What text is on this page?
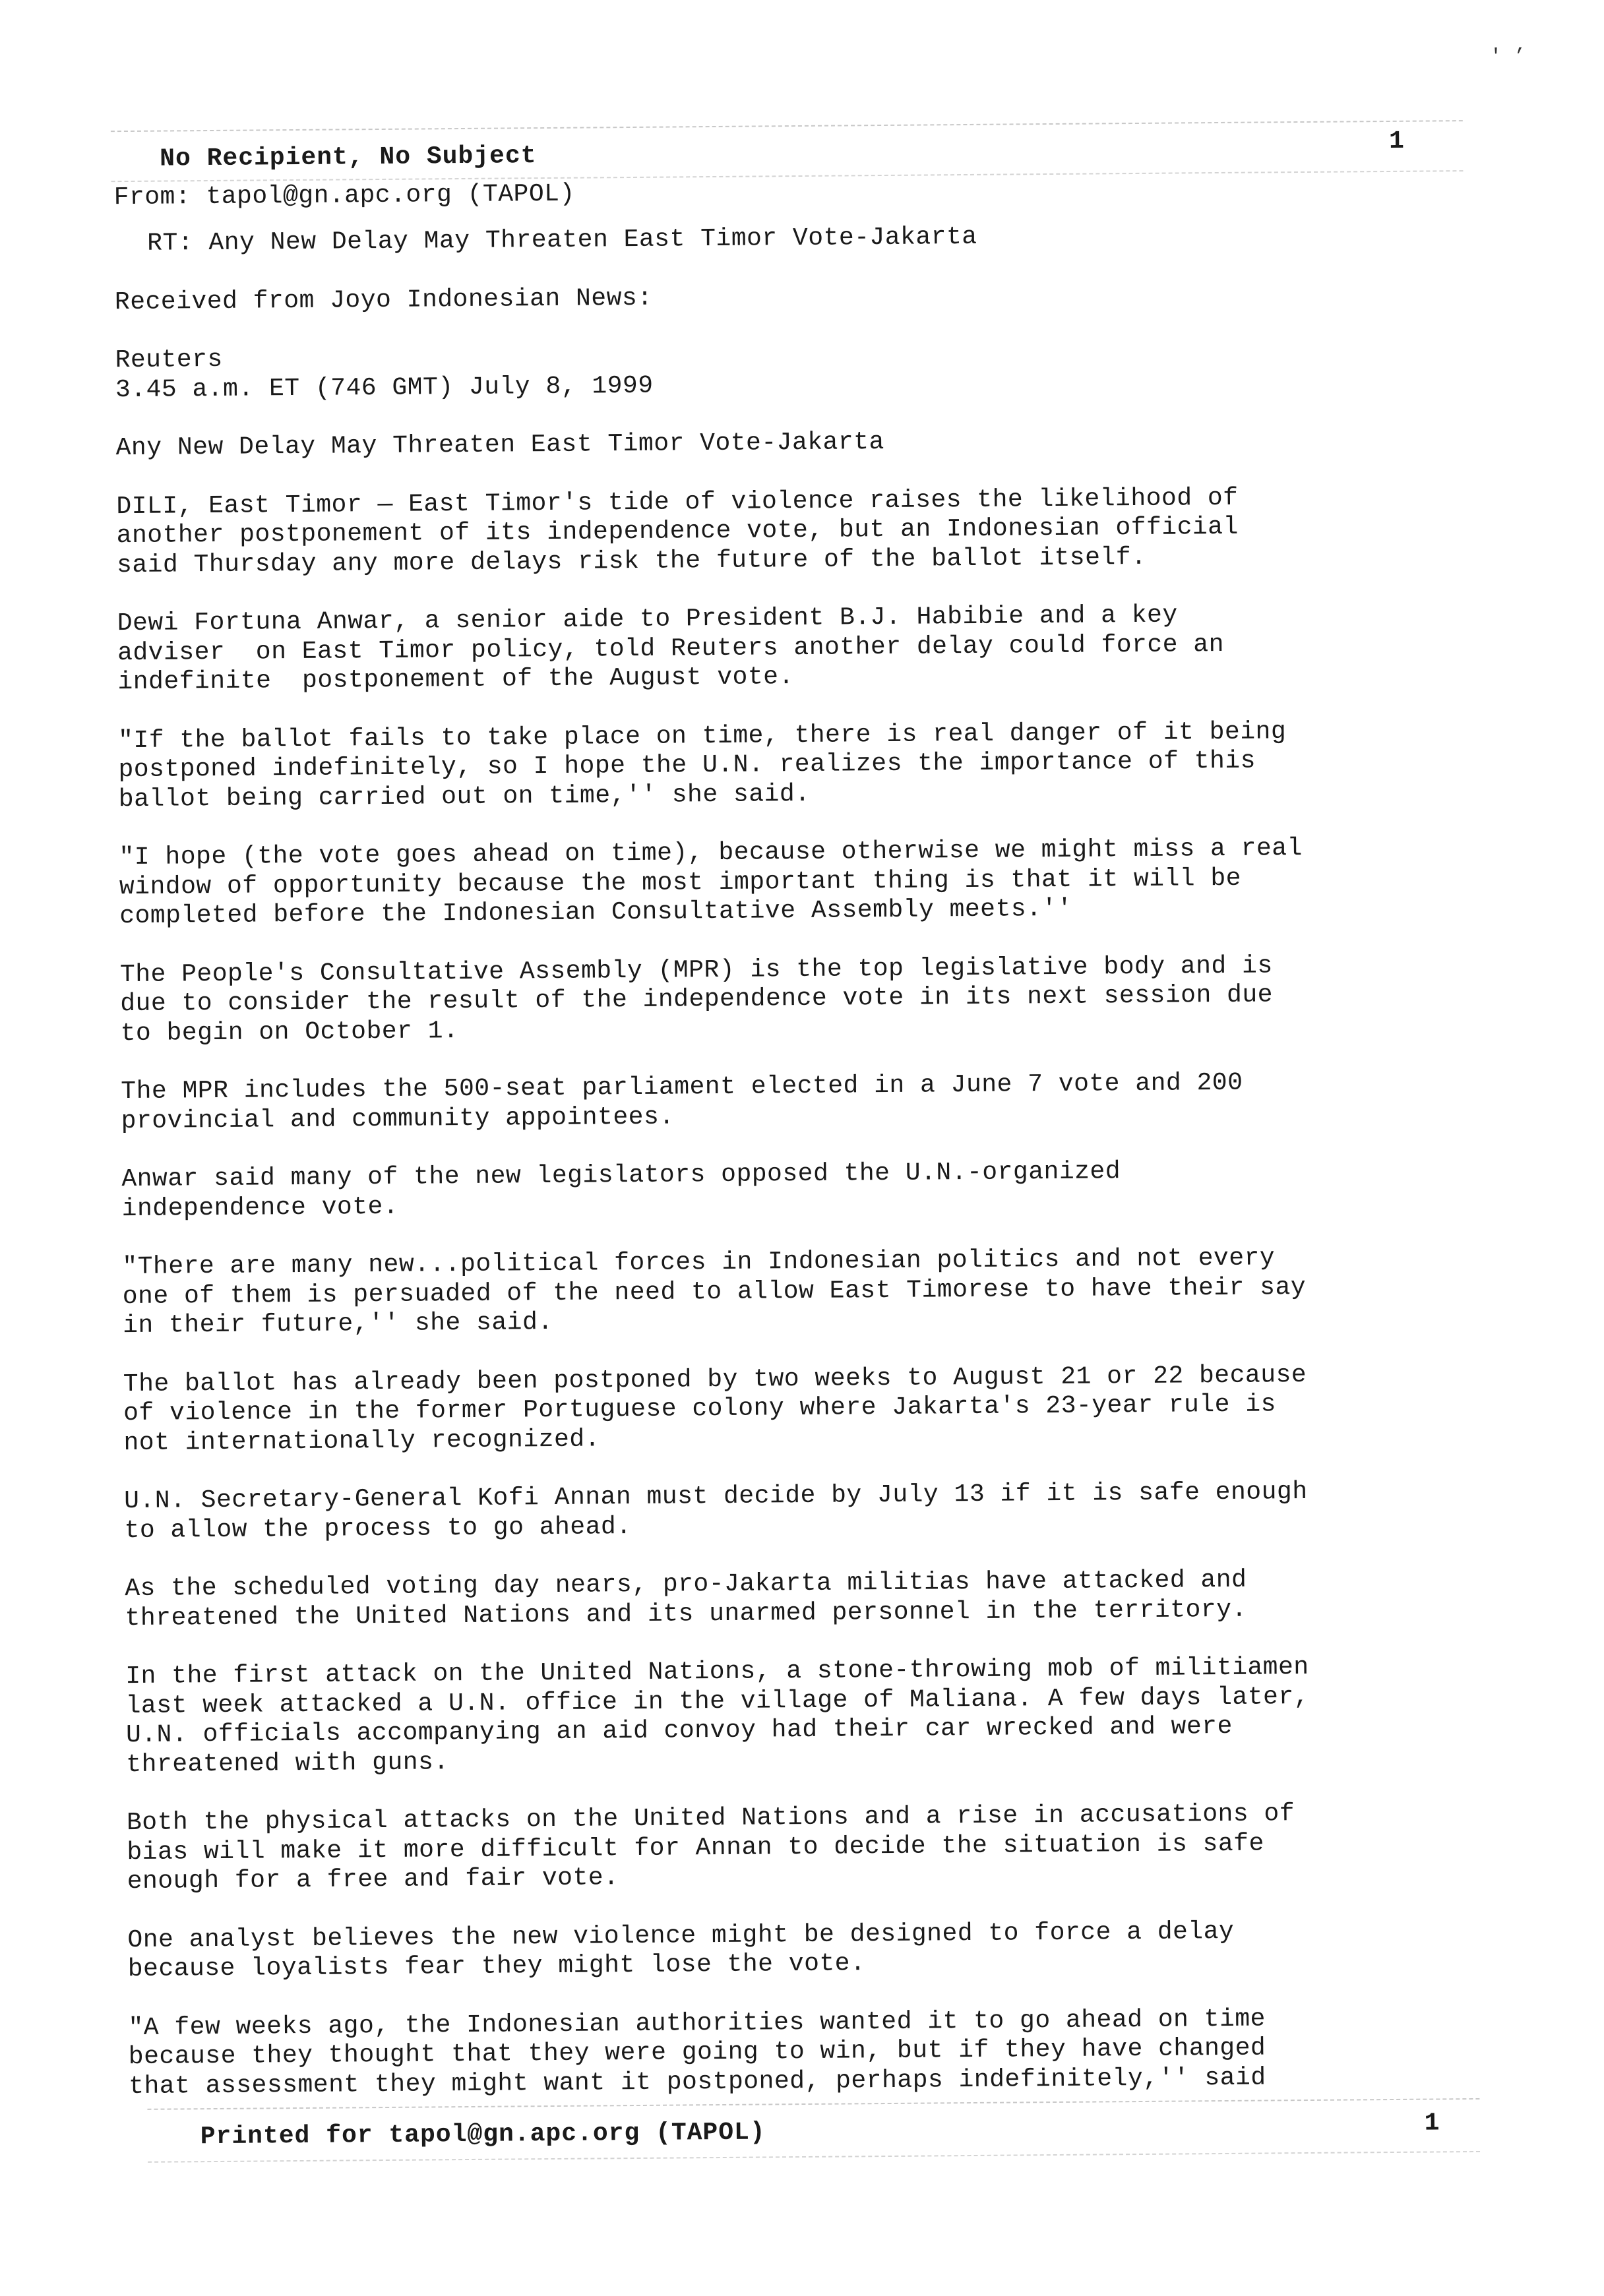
' ’
No Recipient, No Subject
1
From: tapol@gn.apc.org (TAPOL)

RT: Any New Delay May Threaten East Timor Vote-Jakarta

Received from Joyo Indonesian News:

Reuters

3.45 a.m. ET (746 GMT) July 8, 1999

Any New Delay May Threaten East Timor Vote-Jakarta

DILI, East Timor — East Timor's tide of violence raises the likelihood of
another postponement of its independence vote, but an Indonesian official
said Thursday any more delays risk the future of the ballot itself.

Dewi Fortuna Anwar, a senior aide to President B.J. Habibie and a key
adviser  on East Timor policy, told Reuters another delay could force an
indefinite  postponement of the August vote.

"If the ballot fails to take place on time, there is real danger of it being
postponed indefinitely, so I hope the U.N. realizes the importance of this
ballot being carried out on time,'' she said.

"I hope (the vote goes ahead on time), because otherwise we might miss a real
window of opportunity because the most important thing is that it will be
completed before the Indonesian Consultative Assembly meets.''

The People's Consultative Assembly (MPR) is the top legislative body and is
due to consider the result of the independence vote in its next session due
to begin on October 1.

The MPR includes the 500-seat parliament elected in a June 7 vote and 200
provincial and community appointees.

Anwar said many of the new legislators opposed the U.N.-organized
independence vote.

"There are many new...political forces in Indonesian politics and not every
one of them is persuaded of the need to allow East Timorese to have their say
in their future,'' she said.

The ballot has already been postponed by two weeks to August 21 or 22 because
of violence in the former Portuguese colony where Jakarta's 23-year rule is
not internationally recognized.

U.N. Secretary-General Kofi Annan must decide by July 13 if it is safe enough
to allow the process to go ahead.

As the scheduled voting day nears, pro-Jakarta militias have attacked and
threatened the United Nations and its unarmed personnel in the territory.

In the first attack on the United Nations, a stone-throwing mob of militiamen
last week attacked a U.N. office in the village of Maliana. A few days later,
U.N. officials accompanying an aid convoy had their car wrecked and were
threatened with guns.

Both the physical attacks on the United Nations and a rise in accusations of
bias will make it more difficult for Annan to decide the situation is safe
enough for a free and fair vote.

One analyst believes the new violence might be designed to force a delay
because loyalists fear they might lose the vote.

"A few weeks ago, the Indonesian authorities wanted it to go ahead on time
because they thought that they were going to win, but if they have changed
that assessment they might want it postponed, perhaps indefinitely,'' said

Printed for tapol@gn.apc.org (TAPOL)	1
